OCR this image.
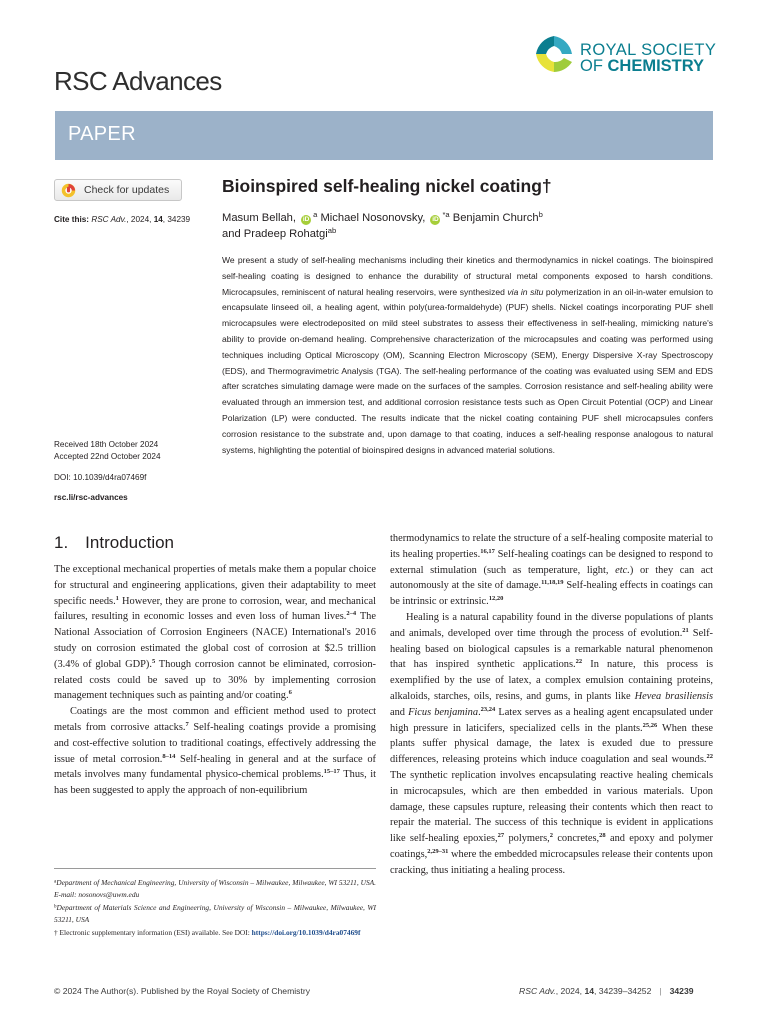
RSC Advances
ROYAL SOCIETY
OF CHEMISTRY
PAPER
Check for updates
Cite this: RSC Adv., 2024, 14, 34239
Received 18th October 2024
Accepted 22nd October 2024
DOI: 10.1039/d4ra07469f
rsc.li/rsc-advances
Bioinspired self-healing nickel coating†
Masum Bellah, $iD^a$ Michael Nosonovsky, $iD^{*a}$ Benjamin Church$^b$
and Pradeep Rohatgi$^{ab}$
We present a study of self-healing mechanisms including their kinetics and thermodynamics in nickel coatings. The bioinspired self-healing coating is designed to enhance the durability of structural metal components exposed to harsh conditions. Microcapsules, reminiscent of natural healing reservoirs, were synthesized via in situ polymerization in an oil-in-water emulsion to encapsulate linseed oil, a healing agent, within poly(urea-formaldehyde) (PUF) shells. Nickel coatings incorporating PUF shell microcapsules were electrodeposited on mild steel substrates to assess their effectiveness in self-healing, mimicking nature's ability to provide on-demand healing. Comprehensive characterization of the microcapsules and coating was performed using techniques including Optical Microscopy (OM), Scanning Electron Microscopy (SEM), Energy Dispersive X-ray Spectroscopy (EDS), and Thermogravimetric Analysis (TGA). The self-healing performance of the coating was evaluated using SEM and EDS after scratches simulating damage were made on the surfaces of the samples. Corrosion resistance and self-healing ability were evaluated through an immersion test, and additional corrosion resistance tests such as Open Circuit Potential (OCP) and Linear Polarization (LP) were conducted. The results indicate that the nickel coating containing PUF shell microcapsules confers corrosion resistance to the substrate and, upon damage to that coating, induces a self-healing response analogous to natural systems, highlighting the potential of bioinspired designs in advanced material solutions.
1. Introduction

The exceptional mechanical properties of metals make them a popular choice for structural and engineering applications, given their adaptability to meet specific needs.$^1$ However, they are prone to corrosion, wear, and mechanical failures, resulting in economic losses and even loss of human lives.$^{2-4}$ The National Association of Corrosion Engineers (NACE) International's 2016 study on corrosion estimated the global cost of corrosion at $2.5 trillion (3.4% of global GDP).$^5$ Though corrosion cannot be eliminated, corrosion-related costs could be saved up to 30% by implementing corrosion management techniques such as painting and/or coating.$^6$

Coatings are the most common and efficient method used to protect metals from corrosive attacks.$^7$ Self-healing coatings provide a promising and cost-effective solution to traditional coatings, effectively addressing the issue of metal corrosion.$^{8-14}$ Self-healing in general and at the surface of metals involves many fundamental physico-chemical problems.$^{15-17}$ Thus, it has been suggested to apply the approach of non-equilibrium

thermodynamics to relate the structure of a self-healing composite material to its healing properties.$^{16,17}$ Self-healing coatings can be designed to respond to external stimulation (such as temperature, light, etc.) or they can act autonomously at the site of damage.$^{11,18,19}$ Self-healing effects in coatings can be intrinsic or extrinsic.$^{12,20}$

Healing is a natural capability found in the diverse populations of plants and animals, developed over time through the process of evolution.$^{21}$ Self-healing based on biological capsules is a remarkable natural phenomenon that has inspired synthetic applications.$^{22}$ In nature, this process is exemplified by the use of latex, a complex emulsion containing proteins, alkaloids, starches, oils, resins, and gums, in plants like Hevea brasiliensis and Ficus benjamina.$^{23,24}$ Latex serves as a healing agent encapsulated under high pressure in laticifers, specialized cells in the plants.$^{25,26}$ When these plants suffer physical damage, the latex is exuded due to pressure differences, releasing proteins which induce coagulation and seal wounds.$^{22}$ The synthetic replication involves encapsulating reactive healing chemicals in microcapsules, which are then embedded in various materials. Upon damage, these capsules rupture, releasing their contents which then react to repair the material. The success of this technique is evident in applications like self-healing epoxies,$^{27}$ polymers,$^2$ concretes,$^{28}$ and epoxy and polymer coatings,$^{2,29-31}$ where the embedded microcapsules release their contents upon cracking, thus initiating a healing process.

$^a$Department of Mechanical Engineering, University of Wisconsin – Milwaukee, Milwaukee, WI 53211, USA. E-mail: nosonovs@uwm.edu

$^b$Department of Materials Science and Engineering, University of Wisconsin – Milwaukee, Milwaukee, WI 53211, USA

† Electronic supplementary information (ESI) available. See DOI: https://doi.org/10.1039/d4ra07469f

© 2024 The Author(s). Published by the Royal Society of Chemistry	RSC Adv., 2024, 14, 34239–34252 | 34239
